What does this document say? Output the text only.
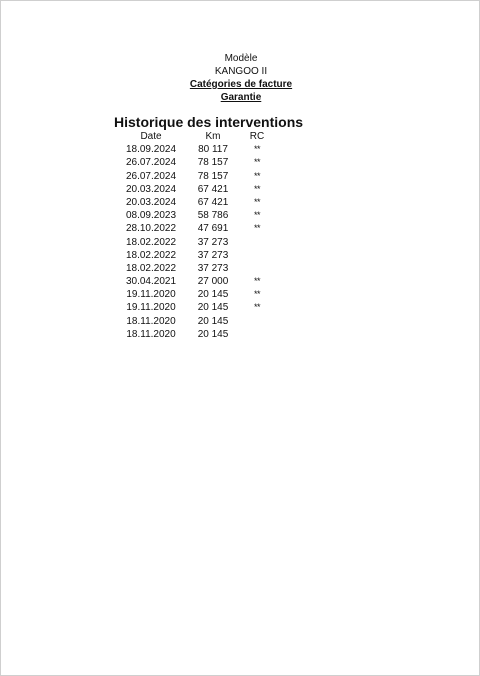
Modèle
KANGOO II
Catégories de facture
Garantie
Historique des interventions
Date	Km	RC
18.09.2024	80 117	**
26.07.2024	78 157	**
26.07.2024	78 157	**
20.03.2024	67 421	**
20.03.2024	67 421	**
08.09.2023	58 786	**
28.10.2022	47 691	**
18.02.2022	37 273
18.02.2022	37 273
18.02.2022	37 273
30.04.2021	27 000	**
19.11.2020	20 145	**
19.11.2020	20 145	**
18.11.2020	20 145
18.11.2020	20 145
